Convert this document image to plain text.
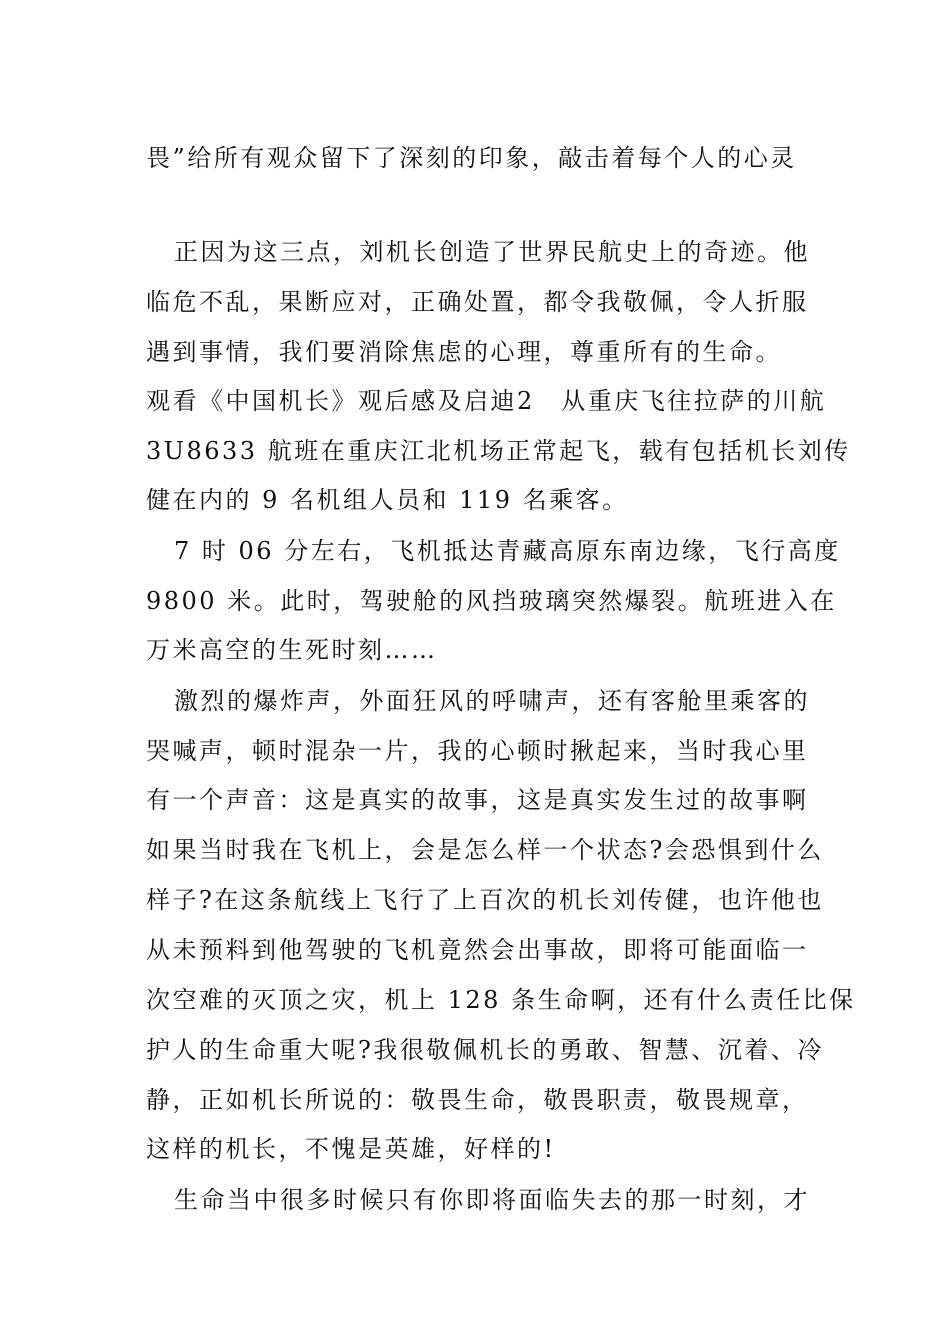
畏”给所有观众留下了深刻的印象，敲击着每个人的心灵
正因为这三点，刘机长创造了世界民航史上的奇迹。他
临危不乱，果断应对，正确处置，都令我敬佩，令人折服
遇到事情，我们要消除焦虑的心理，尊重所有的生命。
观看《中国机长》观后感及启迪2　从重庆飞往拉萨的川航
3U8633 航班在重庆江北机场正常起飞，载有包括机长刘传
健在内的 9 名机组人员和 119 名乘客。
7 时 06 分左右，飞机抵达青藏高原东南边缘，飞行高度
9800 米。此时，驾驶舱的风挡玻璃突然爆裂。航班进入在
万米高空的生死时刻……
激烈的爆炸声，外面狂风的呼啸声，还有客舱里乘客的
哭喊声，顿时混杂一片，我的心顿时揪起来，当时我心里
有一个声音：这是真实的故事，这是真实发生过的故事啊
如果当时我在飞机上，会是怎么样一个状态?会恐惧到什么
样子?在这条航线上飞行了上百次的机长刘传健，也许他也
从未预料到他驾驶的飞机竟然会出事故，即将可能面临一
次空难的灭顶之灾，机上 128 条生命啊，还有什么责任比保
护人的生命重大呢?我很敬佩机长的勇敢、智慧、沉着、冷
静，正如机长所说的：敬畏生命，敬畏职责，敬畏规章，
这样的机长，不愧是英雄，好样的!
生命当中很多时候只有你即将面临失去的那一时刻，才
